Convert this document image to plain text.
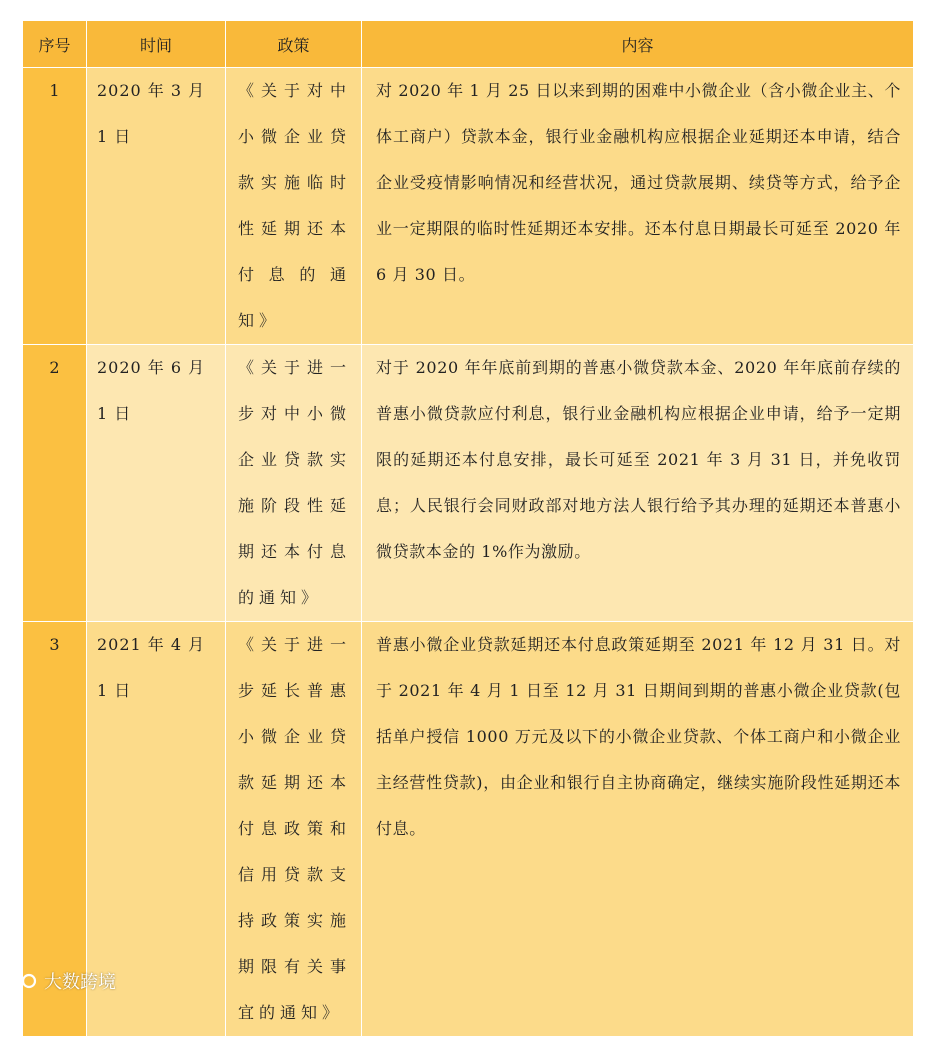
序号	时间	政策	内容

1	2020 年 3 月 1 日	《关于对中小微企业贷款实施临时性延期还本付息的通知》	对 2020 年 1 月 25 日以来到期的困难中小微企业（含小微企业主、个体工商户）贷款本金，银行业金融机构应根据企业延期还本申请，结合企业受疫情影响情况和经营状况，通过贷款展期、续贷等方式，给予企业一定期限的临时性延期还本安排。还本付息日期最长可延至 2020 年 6 月 30 日。

2	2020 年 6 月 1 日	《关于进一步对中小微企业贷款实施阶段性延期还本付息的通知》	对于 2020 年年底前到期的普惠小微贷款本金、2020 年年底前存续的普惠小微贷款应付利息，银行业金融机构应根据企业申请，给予一定期限的延期还本付息安排，最长可延至 2021 年 3 月 31 日，并免收罚息；人民银行会同财政部对地方法人银行给予其办理的延期还本普惠小微贷款本金的 1%作为激励。

3	2021 年 4 月 1 日	《关于进一步延长普惠小微企业贷款延期还本付息政策和信用贷款支持政策实施期限有关事宜的通知》	普惠小微企业贷款延期还本付息政策延期至 2021 年 12 月 31 日。对于 2021 年 4 月 1 日至 12 月 31 日期间到期的普惠小微企业贷款(包括单户授信 1000 万元及以下的小微企业贷款、个体工商户和小微企业主经营性贷款)，由企业和银行自主协商确定，继续实施阶段性延期还本付息。
大数跨境
